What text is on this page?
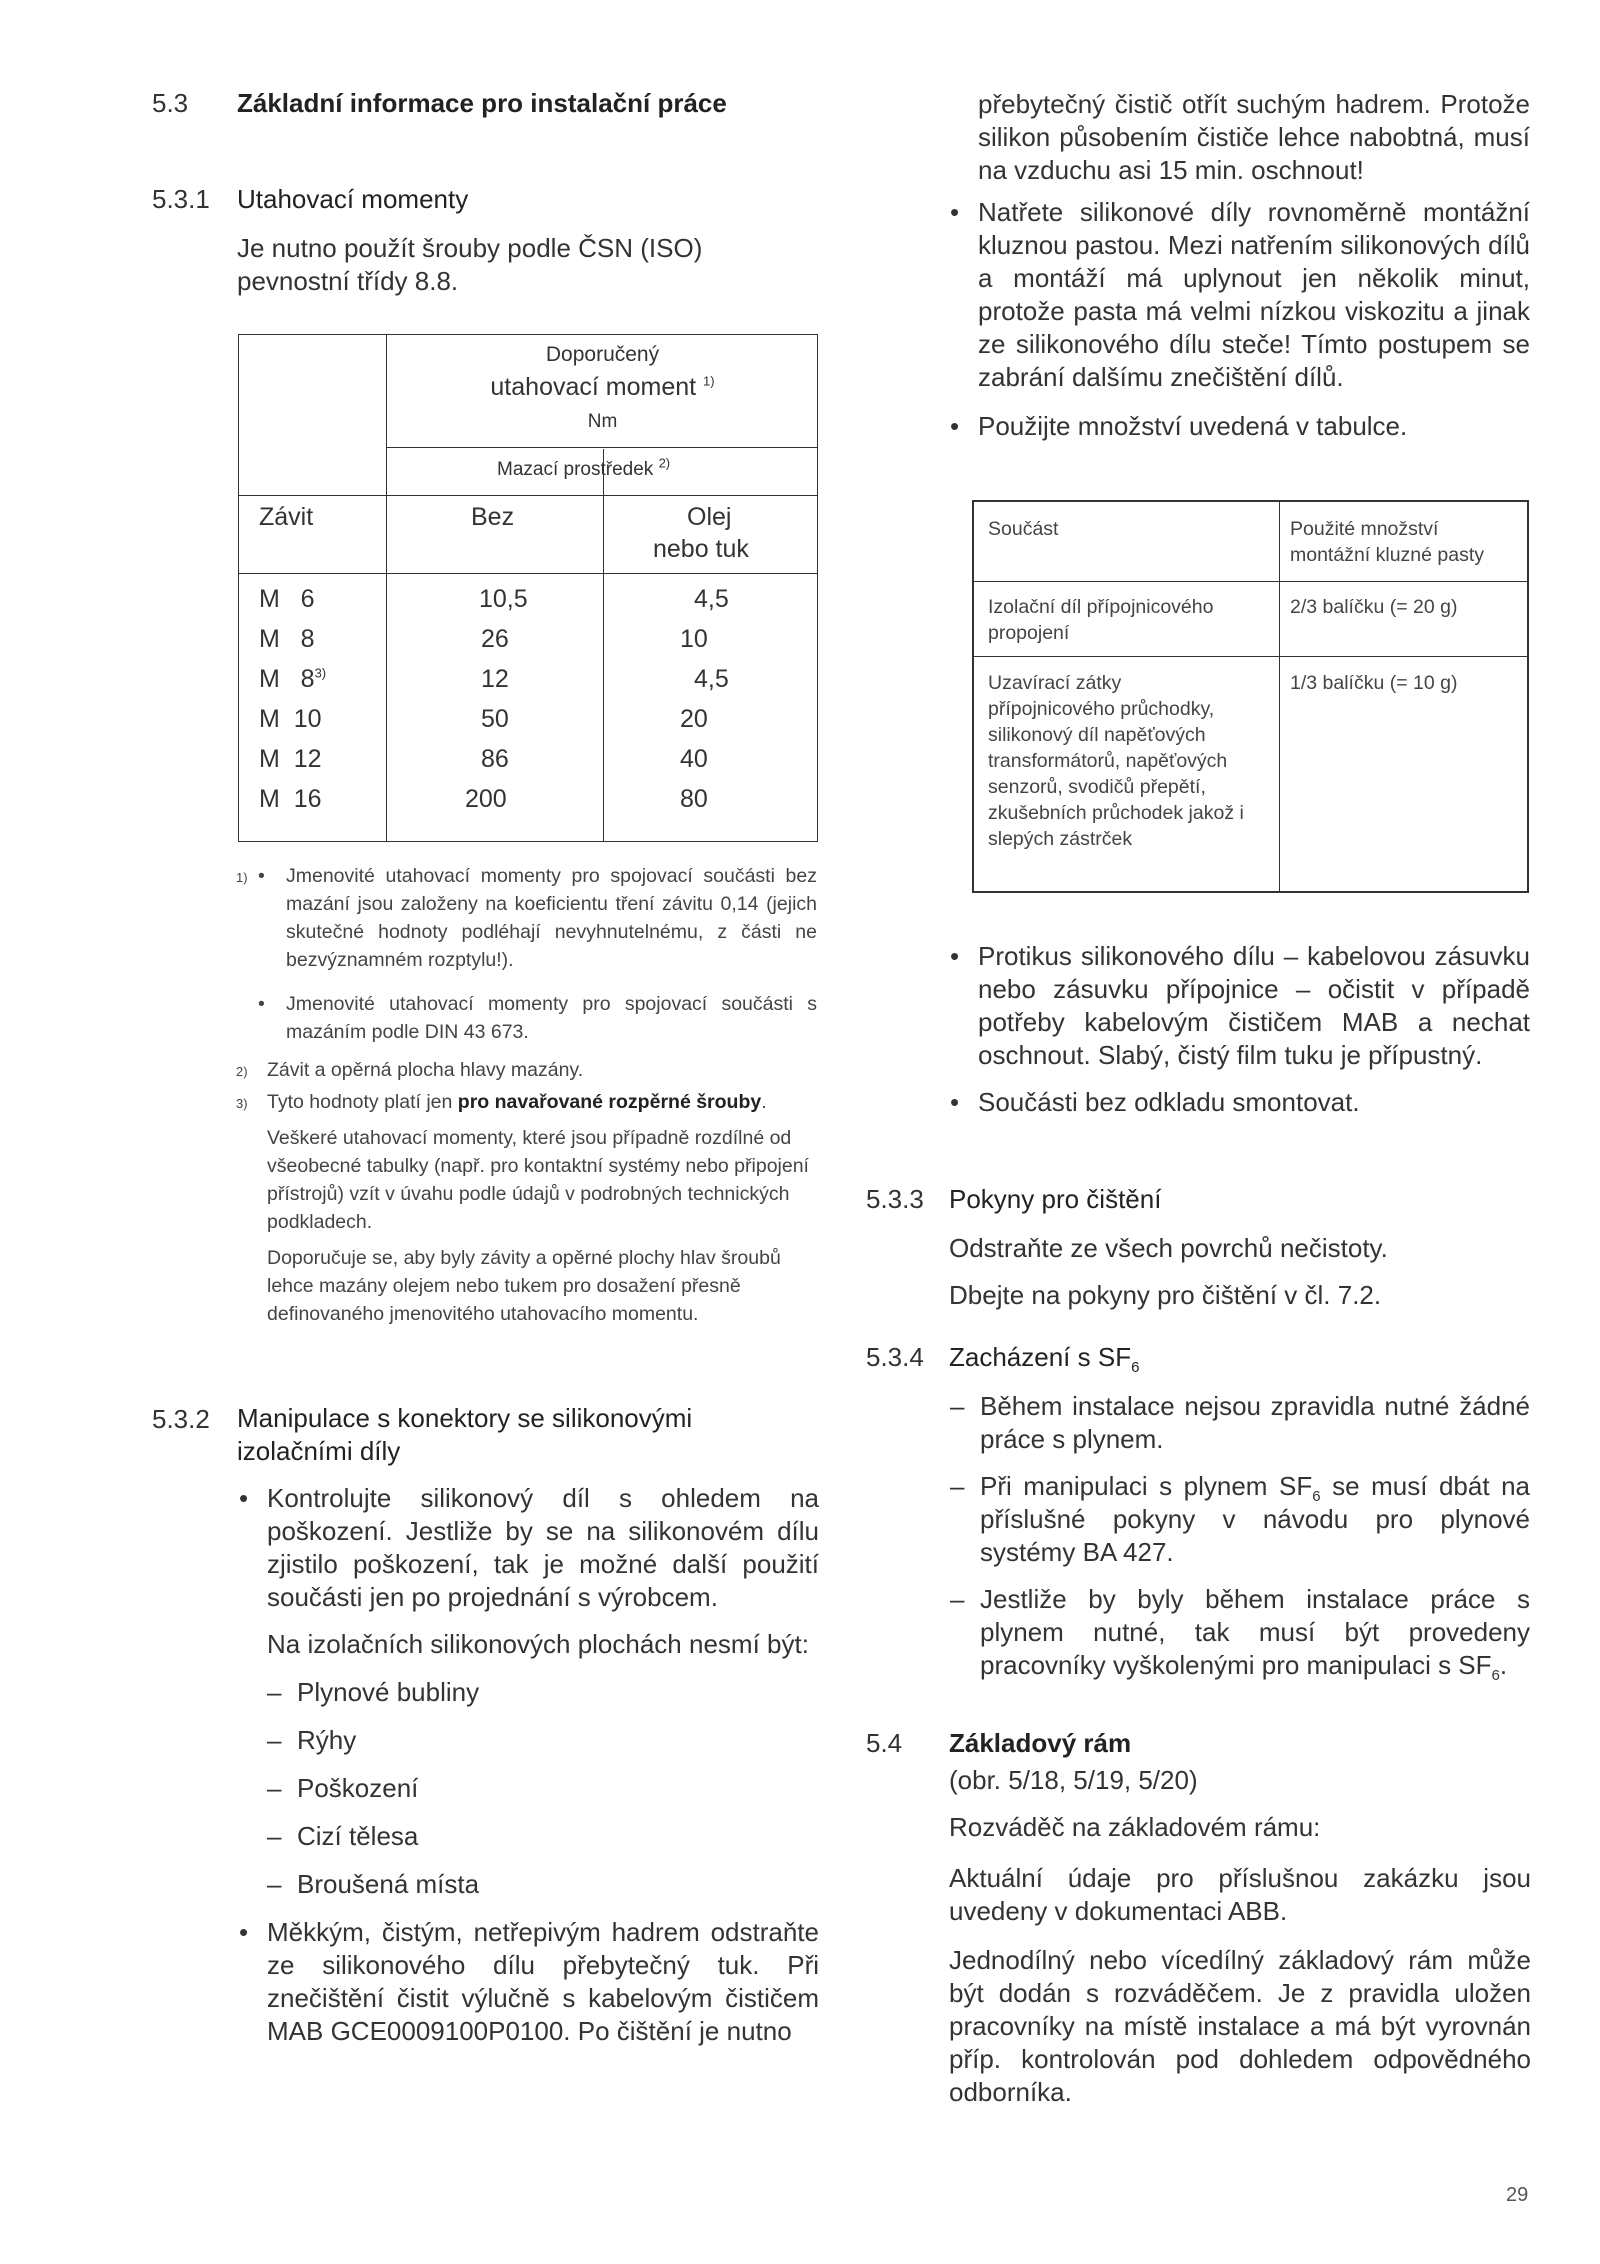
5.3 Základní informace pro instalační práce
5.3.1 Utahovací momenty
Je nutno použít šrouby podle ČSN (ISO) pevnostní třídy 8.8.
Doporučený
utahovací moment $^{1)}$
Nm
Mazací prostředek $^{2)}$
Závit	Bez	Olej
nebo tuk
M   6	10,5	4,5
M   8	26	10
M   8$^{3)}$	12	4,5
M  10	50	20
M  12	86	40
M  16	200	80
1)
• Jmenovité utahovací momenty pro spojovací součásti bez mazání jsou založeny na koeficientu tření závitu 0,14 (jejich skutečné hodnoty podléhají nevyhnutelnému, z části ne bezvýznamném rozptylu!).
• Jmenovité utahovací momenty pro spojovací součásti s mazáním podle DIN 43 673.
2) Závit a opěrná plocha hlavy mazány.
3) Tyto hodnoty platí jen pro navařované rozpěrné šrouby.
Veškeré utahovací momenty, které jsou případně rozdílné od všeobecné tabulky (např. pro kontaktní systémy nebo připojení přístrojů) vzít v úvahu podle údajů v podrobných technických podkladech.
Doporučuje se, aby byly závity a opěrné plochy hlav šroubů lehce mazány olejem nebo tukem pro dosažení přesně definovaného jmenovitého utahovacího momentu.
5.3.2 Manipulace s konektory se silikonovými izolačními díly
• Kontrolujte silikonový díl s ohledem na poškození. Jestliže by se na silikonovém dílu zjistilo poškození, tak je možné další použití součásti jen po projednání s výrobcem.
Na izolačních silikonových plochách nesmí být:
– Plynové bubliny
– Rýhy
– Poškození
– Cizí tělesa
– Broušená místa
• Měkkým, čistým, netřepivým hadrem odstraňte ze silikonového dílu přebytečný tuk. Při znečištění čistit výlučně s kabelovým čističem MAB GCE0009100P0100. Po čištění je nutno
přebytečný čistič otřít suchým hadrem. Protože silikon působením čističe lehce nabobtná, musí na vzduchu asi 15 min. oschnout!
• Natřete silikonové díly rovnoměrně montážní kluznou pastou. Mezi natřením silikonových dílů a montáží má uplynout jen několik minut, protože pasta má velmi nízkou viskozitu a jinak ze silikonového dílu steče! Tímto postupem se zabrání dalšímu znečištění dílů.
• Použijte množství uvedená v tabulce.
Součást	Použité množství montážní kluzné pasty
Izolační díl přípojnicového propojení
2/3 balíčku (= 20 g)
Uzavírací zátky přípojnicového průchodky, silikonový díl napěťových transformátorů, napěťových senzorů, svodičů přepětí, zkušebních průchodek jakož i slepých zástrček
1/3 balíčku (= 10 g)
• Protikus silikonového dílu – kabelovou zásuvku nebo zásuvku přípojnice – očistit v případě potřeby kabelovým čističem MAB a nechat oschnout. Slabý, čistý film tuku je přípustný.
• Součásti bez odkladu smontovat.
5.3.3 Pokyny pro čištění
Odstraňte ze všech povrchů nečistoty.
Dbejte na pokyny pro čištění v čl. 7.2.
5.3.4 Zacházení s $SF_6$
– Během instalace nejsou zpravidla nutné žádné práce s plynem.
– Při manipulaci s plynem $SF_6$ se musí dbát na příslušné pokyny v návodu pro plynové systémy BA 427.
– Jestliže by byly během instalace práce s plynem nutné, tak musí být provedeny pracovníky vyškolenými pro manipulaci s $SF_6$.
5.4 Základový rám
(obr. 5/18, 5/19, 5/20)
Rozváděč na základovém rámu:
Aktuální údaje pro příslušnou zakázku jsou uvedeny v dokumentaci ABB.
Jednodílný nebo vícedílný základový rám může být dodán s rozváděčem. Je z pravidla uložen pracovníky na místě instalace a má být vyrovnán příp. kontrolován pod dohledem odpovědného odborníka.
29
